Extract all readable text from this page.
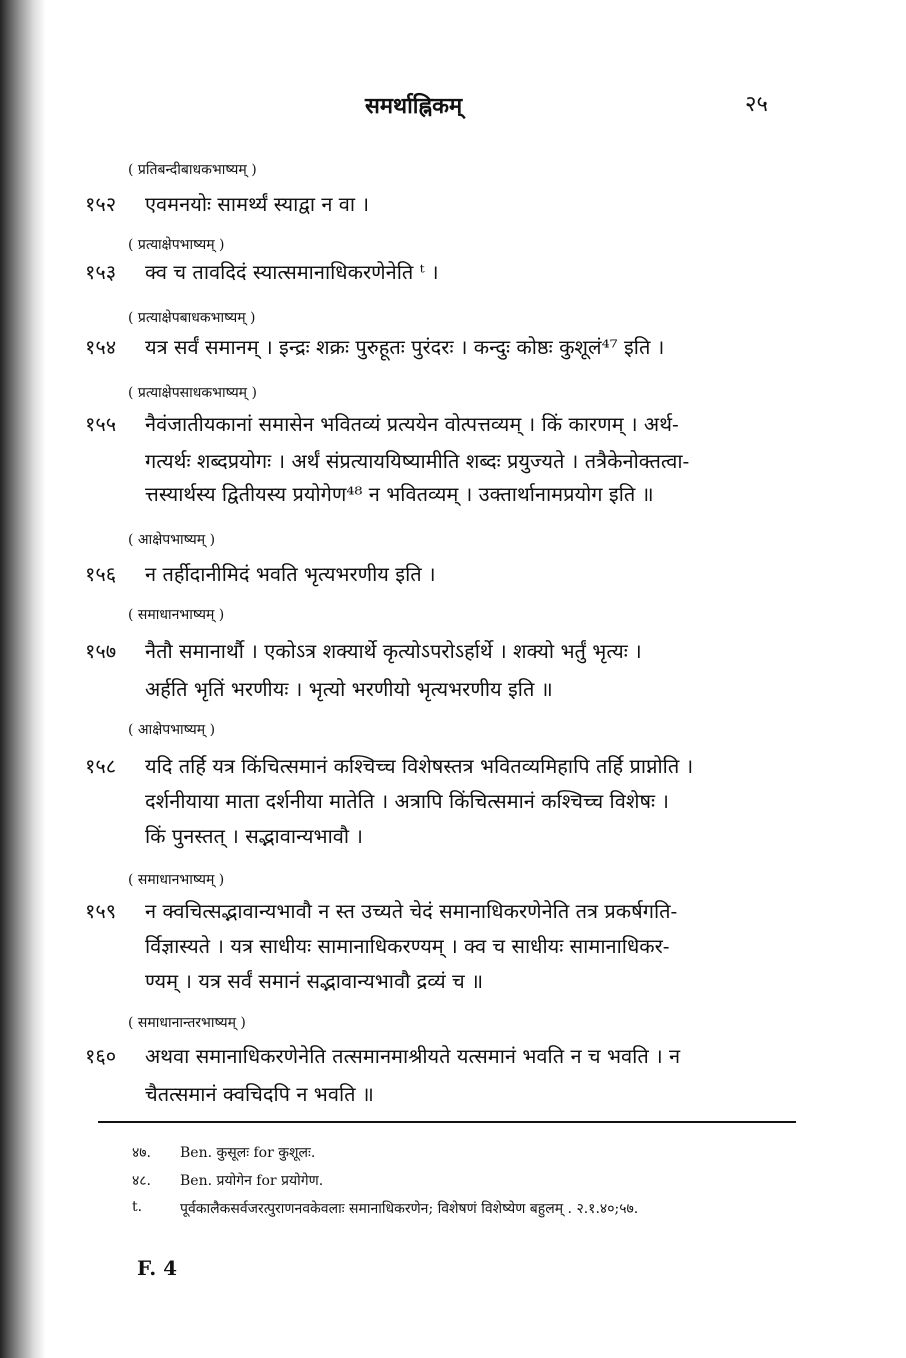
समर्थाह्निकम्	२५
( प्रतिबन्दीबाधकभाष्यम् )
१५२ एवमनयोः सामर्थ्यं स्याद्वा न वा ।
( प्रत्याक्षेपभाष्यम् )
१५३ क्व च तावदिदं स्यात्समानाधिकरणेनेति ᵗ ।
( प्रत्याक्षेपबाधकभाष्यम् )
१५४ यत्र सर्वं समानम् । इन्द्रः शक्रः पुरुहूतः पुरंदरः । कन्दुः कोष्ठः कुशूलं⁴⁷ इति ।
( प्रत्याक्षेपसाधकभाष्यम् )
१५५ नैवंजातीयकानां समासेन भवितव्यं प्रत्ययेन वोत्पत्तव्यम् । किं कारणम् । अर्थ-
गत्यर्थः शब्दप्रयोगः । अर्थं संप्रत्याययिष्यामीति शब्दः प्रयुज्यते । तत्रैकेनोक्तत्वा-
त्तस्यार्थस्य द्वितीयस्य प्रयोगेण⁴⁸ न भवितव्यम् । उक्तार्थानामप्रयोग इति ॥
( आक्षेपभाष्यम् )
१५६ न तर्हीदानीमिदं भवति भृत्यभरणीय इति ।
( समाधानभाष्यम् )
१५७ नैतौ समानार्थौ । एकोऽत्र शक्यार्थे कृत्योऽपरोऽर्हार्थे । शक्यो भर्तुं भृत्यः ।
अर्हति भृतिं भरणीयः । भृत्यो भरणीयो भृत्यभरणीय इति ॥
( आक्षेपभाष्यम् )
१५८ यदि तर्हि यत्र किंचित्समानं कश्चिच्च विशेषस्तत्र भवितव्यमिहापि तर्हि प्राप्नोति ।
दर्शनीयाया माता दर्शनीया मातेति । अत्रापि किंचित्समानं कश्चिच्च विशेषः ।
किं पुनस्तत् । सद्भावान्यभावौ ।
( समाधानभाष्यम् )
१५९ न क्वचित्सद्भावान्यभावौ न स्त उच्यते चेदं समानाधिकरणेनेति तत्र प्रकर्षगति-
र्विज्ञास्यते । यत्र साधीयः सामानाधिकरण्यम् । क्व च साधीयः सामानाधिकर-
ण्यम् । यत्र सर्वं समानं सद्भावान्यभावौ द्रव्यं च ॥
( समाधानान्तरभाष्यम् )
१६० अथवा समानाधिकरणेनेति तत्समानमाश्रीयते यत्समानं भवति न च भवति । न
चैतत्समानं क्वचिदपि न भवति ॥
४७. Ben. कुसूलः for कुशूलः.
४८. Ben. प्रयोगेन for प्रयोगेण.
t.	पूर्वकालैकसर्वजरत्पुराणनवकेवलाः समानाधिकरणेन; विशेषणं विशेष्येण बहुलम् . २.१.४०;५७.
F. 4
